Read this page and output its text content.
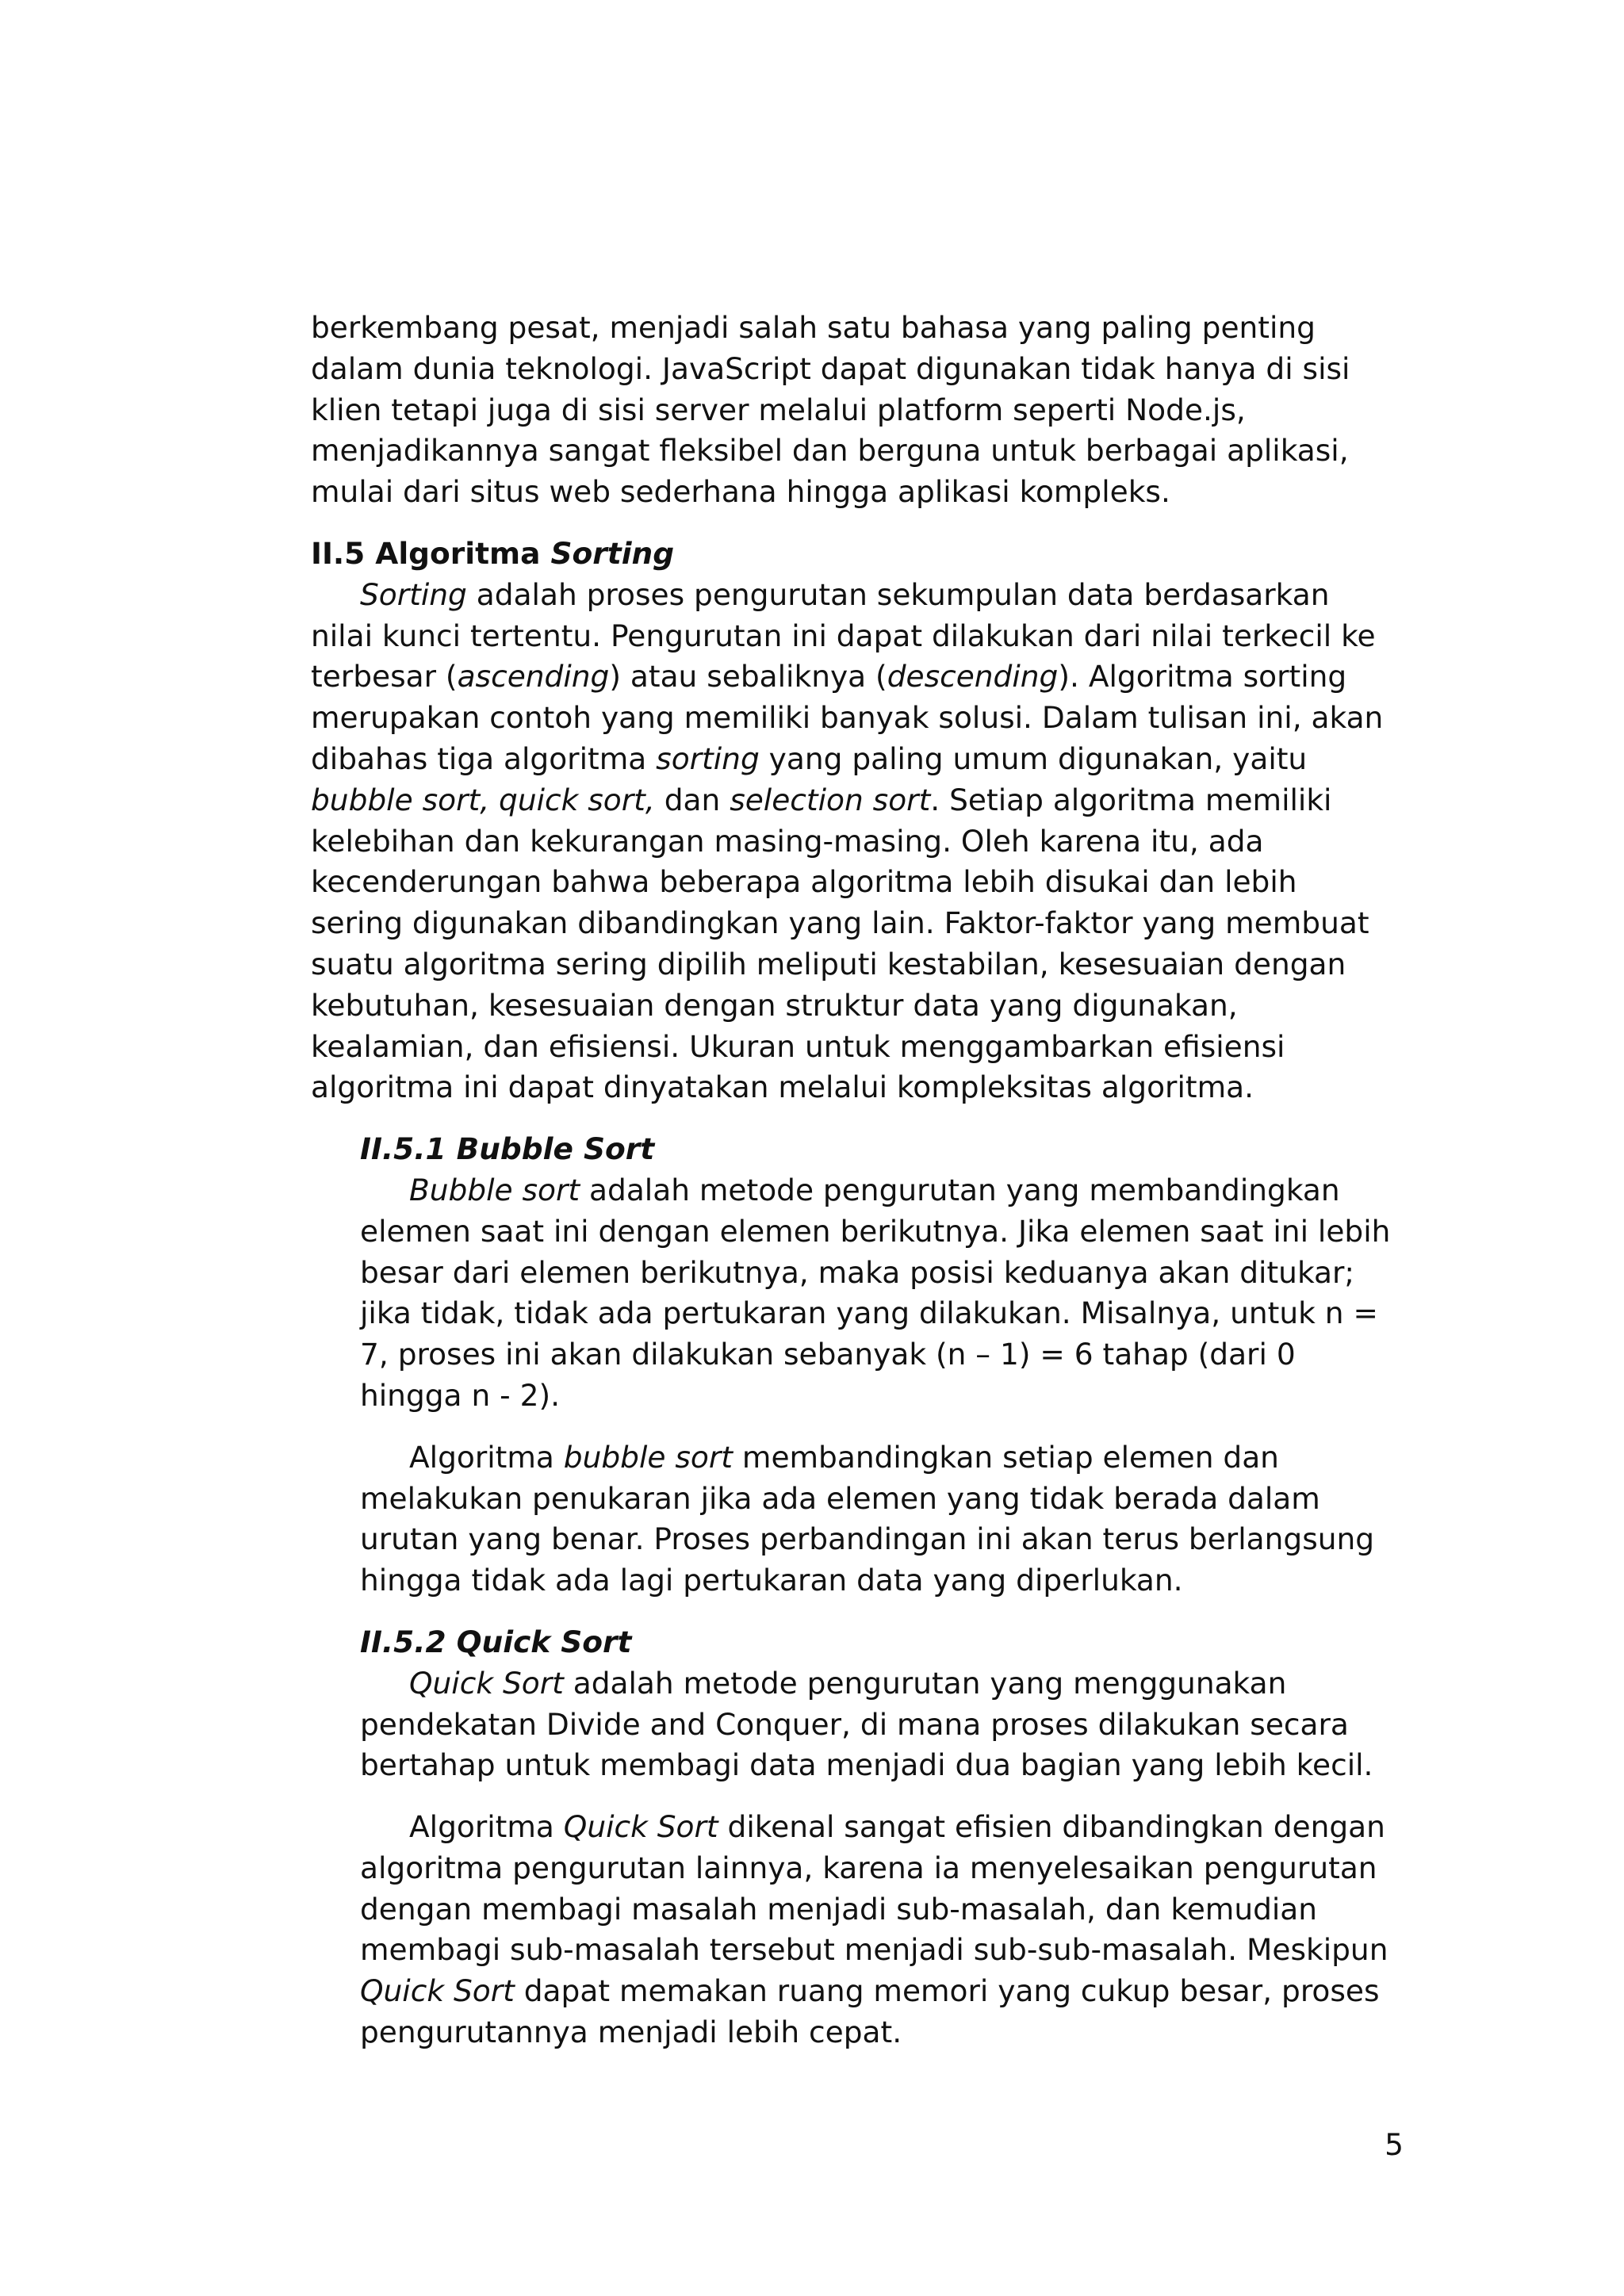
berkembang pesat, menjadi salah satu bahasa yang paling penting dalam dunia teknologi. JavaScript dapat digunakan tidak hanya di sisi klien tetapi juga di sisi server melalui platform seperti Node.js, menjadikannya sangat fleksibel dan berguna untuk berbagai aplikasi, mulai dari situs web sederhana hingga aplikasi kompleks.

II.5 Algoritma Sorting

Sorting adalah proses pengurutan sekumpulan data berdasarkan nilai kunci tertentu. Pengurutan ini dapat dilakukan dari nilai terkecil ke terbesar (ascending) atau sebaliknya (descending). Algoritma sorting merupakan contoh yang memiliki banyak solusi. Dalam tulisan ini, akan dibahas tiga algoritma sorting yang paling umum digunakan, yaitu bubble sort, quick sort, dan selection sort. Setiap algoritma memiliki kelebihan dan kekurangan masing-masing. Oleh karena itu, ada kecenderungan bahwa beberapa algoritma lebih disukai dan lebih sering digunakan dibandingkan yang lain. Faktor-faktor yang membuat suatu algoritma sering dipilih meliputi kestabilan, kesesuaian dengan kebutuhan, kesesuaian dengan struktur data yang digunakan, kealamian, dan efisiensi. Ukuran untuk menggambarkan efisiensi algoritma ini dapat dinyatakan melalui kompleksitas algoritma.

II.5.1 Bubble Sort

Bubble sort adalah metode pengurutan yang membandingkan elemen saat ini dengan elemen berikutnya. Jika elemen saat ini lebih besar dari elemen berikutnya, maka posisi keduanya akan ditukar; jika tidak, tidak ada pertukaran yang dilakukan. Misalnya, untuk n = 7, proses ini akan dilakukan sebanyak (n – 1) = 6 tahap (dari 0 hingga n - 2).

Algoritma bubble sort membandingkan setiap elemen dan melakukan penukaran jika ada elemen yang tidak berada dalam urutan yang benar. Proses perbandingan ini akan terus berlangsung hingga tidak ada lagi pertukaran data yang diperlukan.

II.5.2 Quick Sort

Quick Sort adalah metode pengurutan yang menggunakan pendekatan Divide and Conquer, di mana proses dilakukan secara bertahap untuk membagi data menjadi dua bagian yang lebih kecil.

Algoritma Quick Sort dikenal sangat efisien dibandingkan dengan algoritma pengurutan lainnya, karena ia menyelesaikan pengurutan dengan membagi masalah menjadi sub-masalah, dan kemudian membagi sub-masalah tersebut menjadi sub-sub-masalah. Meskipun Quick Sort dapat memakan ruang memori yang cukup besar, proses pengurutannya menjadi lebih cepat.

5
